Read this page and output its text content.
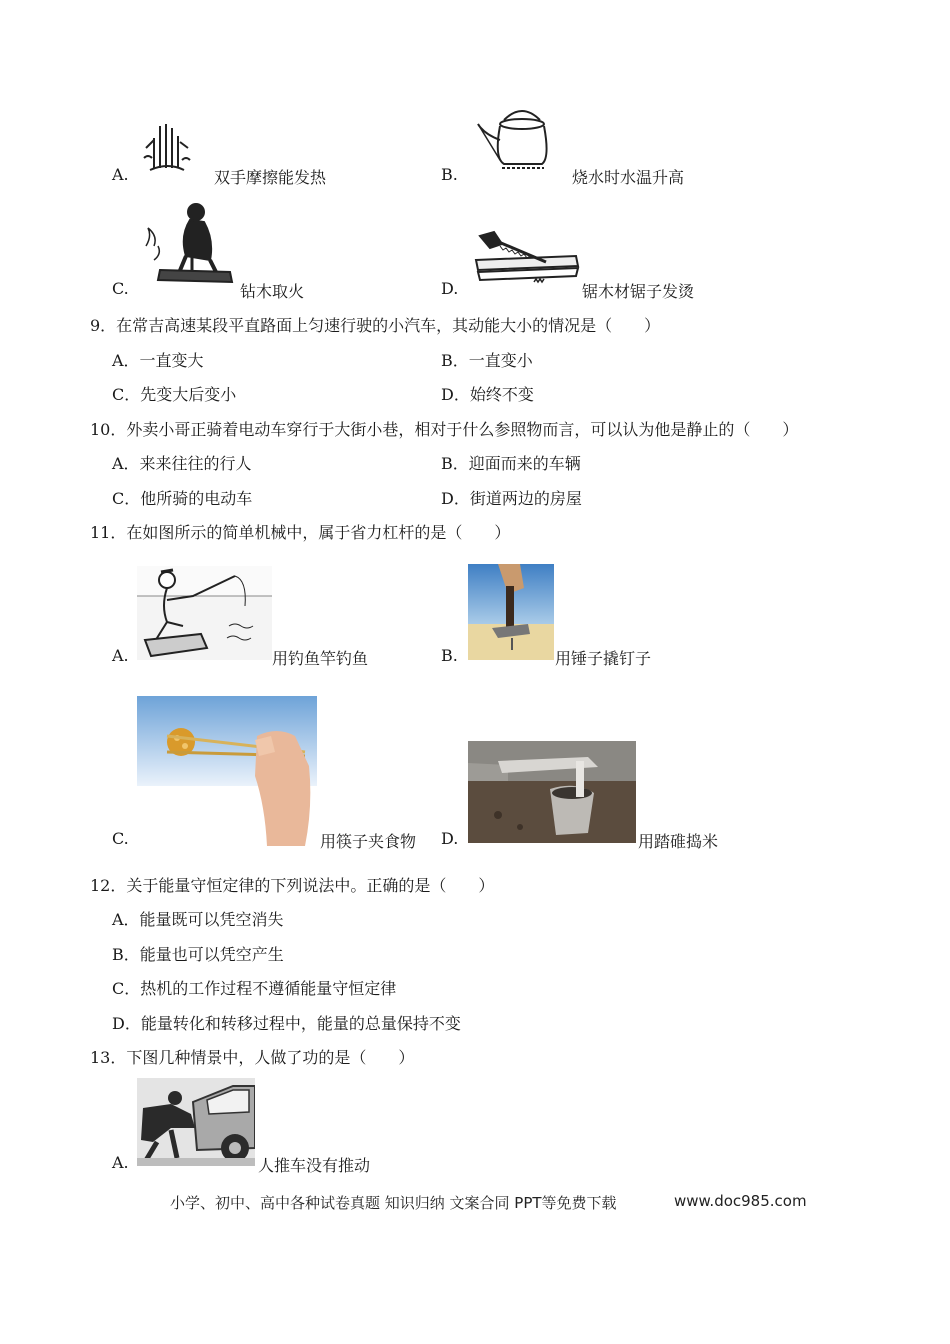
A.	双手摩擦能发热	B.	烧水时水温升高
C.	钻木取火	D.	锯木材锯子发烫
9．在常吉高速某段平直路面上匀速行驶的小汽车，其动能大小的情况是（　　）
A．一直变大	B．一直变小
C．先变大后变小	D．始终不变
10．外卖小哥正骑着电动车穿行于大街小巷，相对于什么参照物而言，可以认为他是静止的（　　）
A．来来往往的行人	B．迎面而来的车辆
C．他所骑的电动车	D．街道两边的房屋
11．在如图所示的简单机械中，属于省力杠杆的是（　　）
A.	用钓鱼竿钓鱼	B.	用锤子撬钉子
C.	用筷子夹食物 D.	用踏碓捣米
12．关于能量守恒定律的下列说法中。正确的是（　　）
A．能量既可以凭空消失
B．能量也可以凭空产生
C．热机的工作过程不遵循能量守恒定律
D．能量转化和转移过程中，能量的总量保持不变
13．下图几种情景中，人做了功的是（　　）
A.	人推车没有推动
小学、初中、高中各种试卷真题 知识归纳 文案合同 PPT等免费下载	www.doc985.com
